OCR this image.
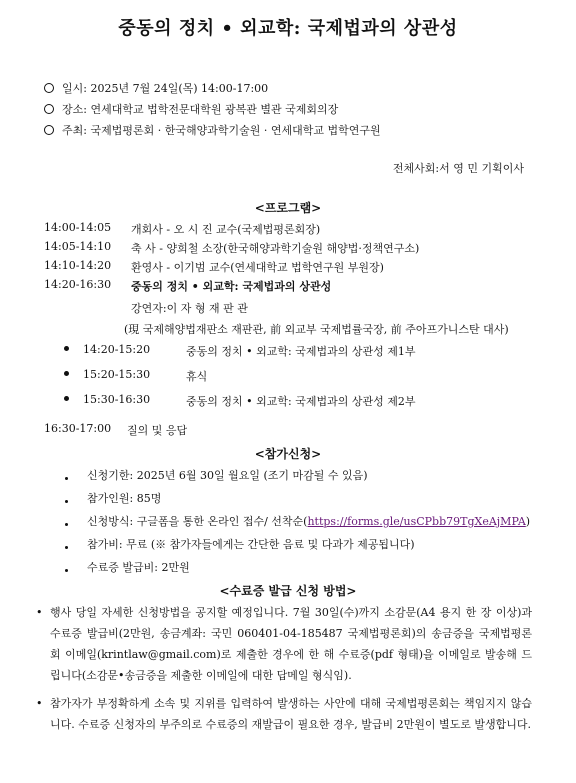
중동의 정치 • 외교학: 국제법과의 상관성
일시: 2025년 7월 24일(목) 14:00-17:00
장소: 연세대학교 법학전문대학원 광복관 별관 국제회의장
주최: 국제법평론회 · 한국해양과학기술원 · 연세대학교 법학연구원
전체사회:서 영 민 기획이사
<프로그램>
14:00-14:05 개회사 - 오 시 진 교수(국제법평론회장)
14:05-14:10 축 사 - 양희철 소장(한국해양과학기술원 해양법·정책연구소)
14:10-14:20 환영사 - 이기범 교수(연세대학교 법학연구원 부원장)
14:20-16:30 중동의 정치 • 외교학: 국제법과의 상관성
강연자:이 자 형 재 판 관
(現 국제해양법재판소 재판관, 前 외교부 국제법률국장, 前 주아프가니스탄 대사)
14:20-15:20	중동의 정치 • 외교학: 국제법과의 상관성 제1부
15:20-15:30	휴식
15:30-16:30	중동의 정치 • 외교학: 국제법과의 상관성 제2부
16:30-17:00 질의 및 응답
<참가신청>
신청기한: 2025년 6월 30일 월요일 (조기 마감될 수 있음)
참가인원: 85명
신청방식: 구글폼을 통한 온라인 접수/ 선착순(https://forms.gle/usCPbb79TgXeAjMPA)
참가비: 무료 (※ 참가자들에게는 간단한 음료 및 다과가 제공됩니다)
수료증 발급비: 2만원
<수료증 발급 신청 방법>
• 행사 당일 자세한 신청방법을 공지할 예정입니다. 7월 30일(수)까지 소감문(A4 용지 한 장 이상)과 수료증 발급비(2만원, 송금계좌: 국민 060401-04-185487 국제법평론회)의 송금증을 국제법평론회 이메일(krintlaw@gmail.com)로 제출한 경우에 한 해 수료증(pdf 형태)을 이메일로 발송해 드립니다(소감문•송금증을 제출한 이메일에 대한 답메일 형식임).
• 참가자가 부정확하게 소속 및 지위를 입력하여 발생하는 사안에 대해 국제법평론회는 책임지지 않습니다. 수료증 신청자의 부주의로 수료증의 재발급이 필요한 경우, 발급비 2만원이 별도로 발생합니다.
